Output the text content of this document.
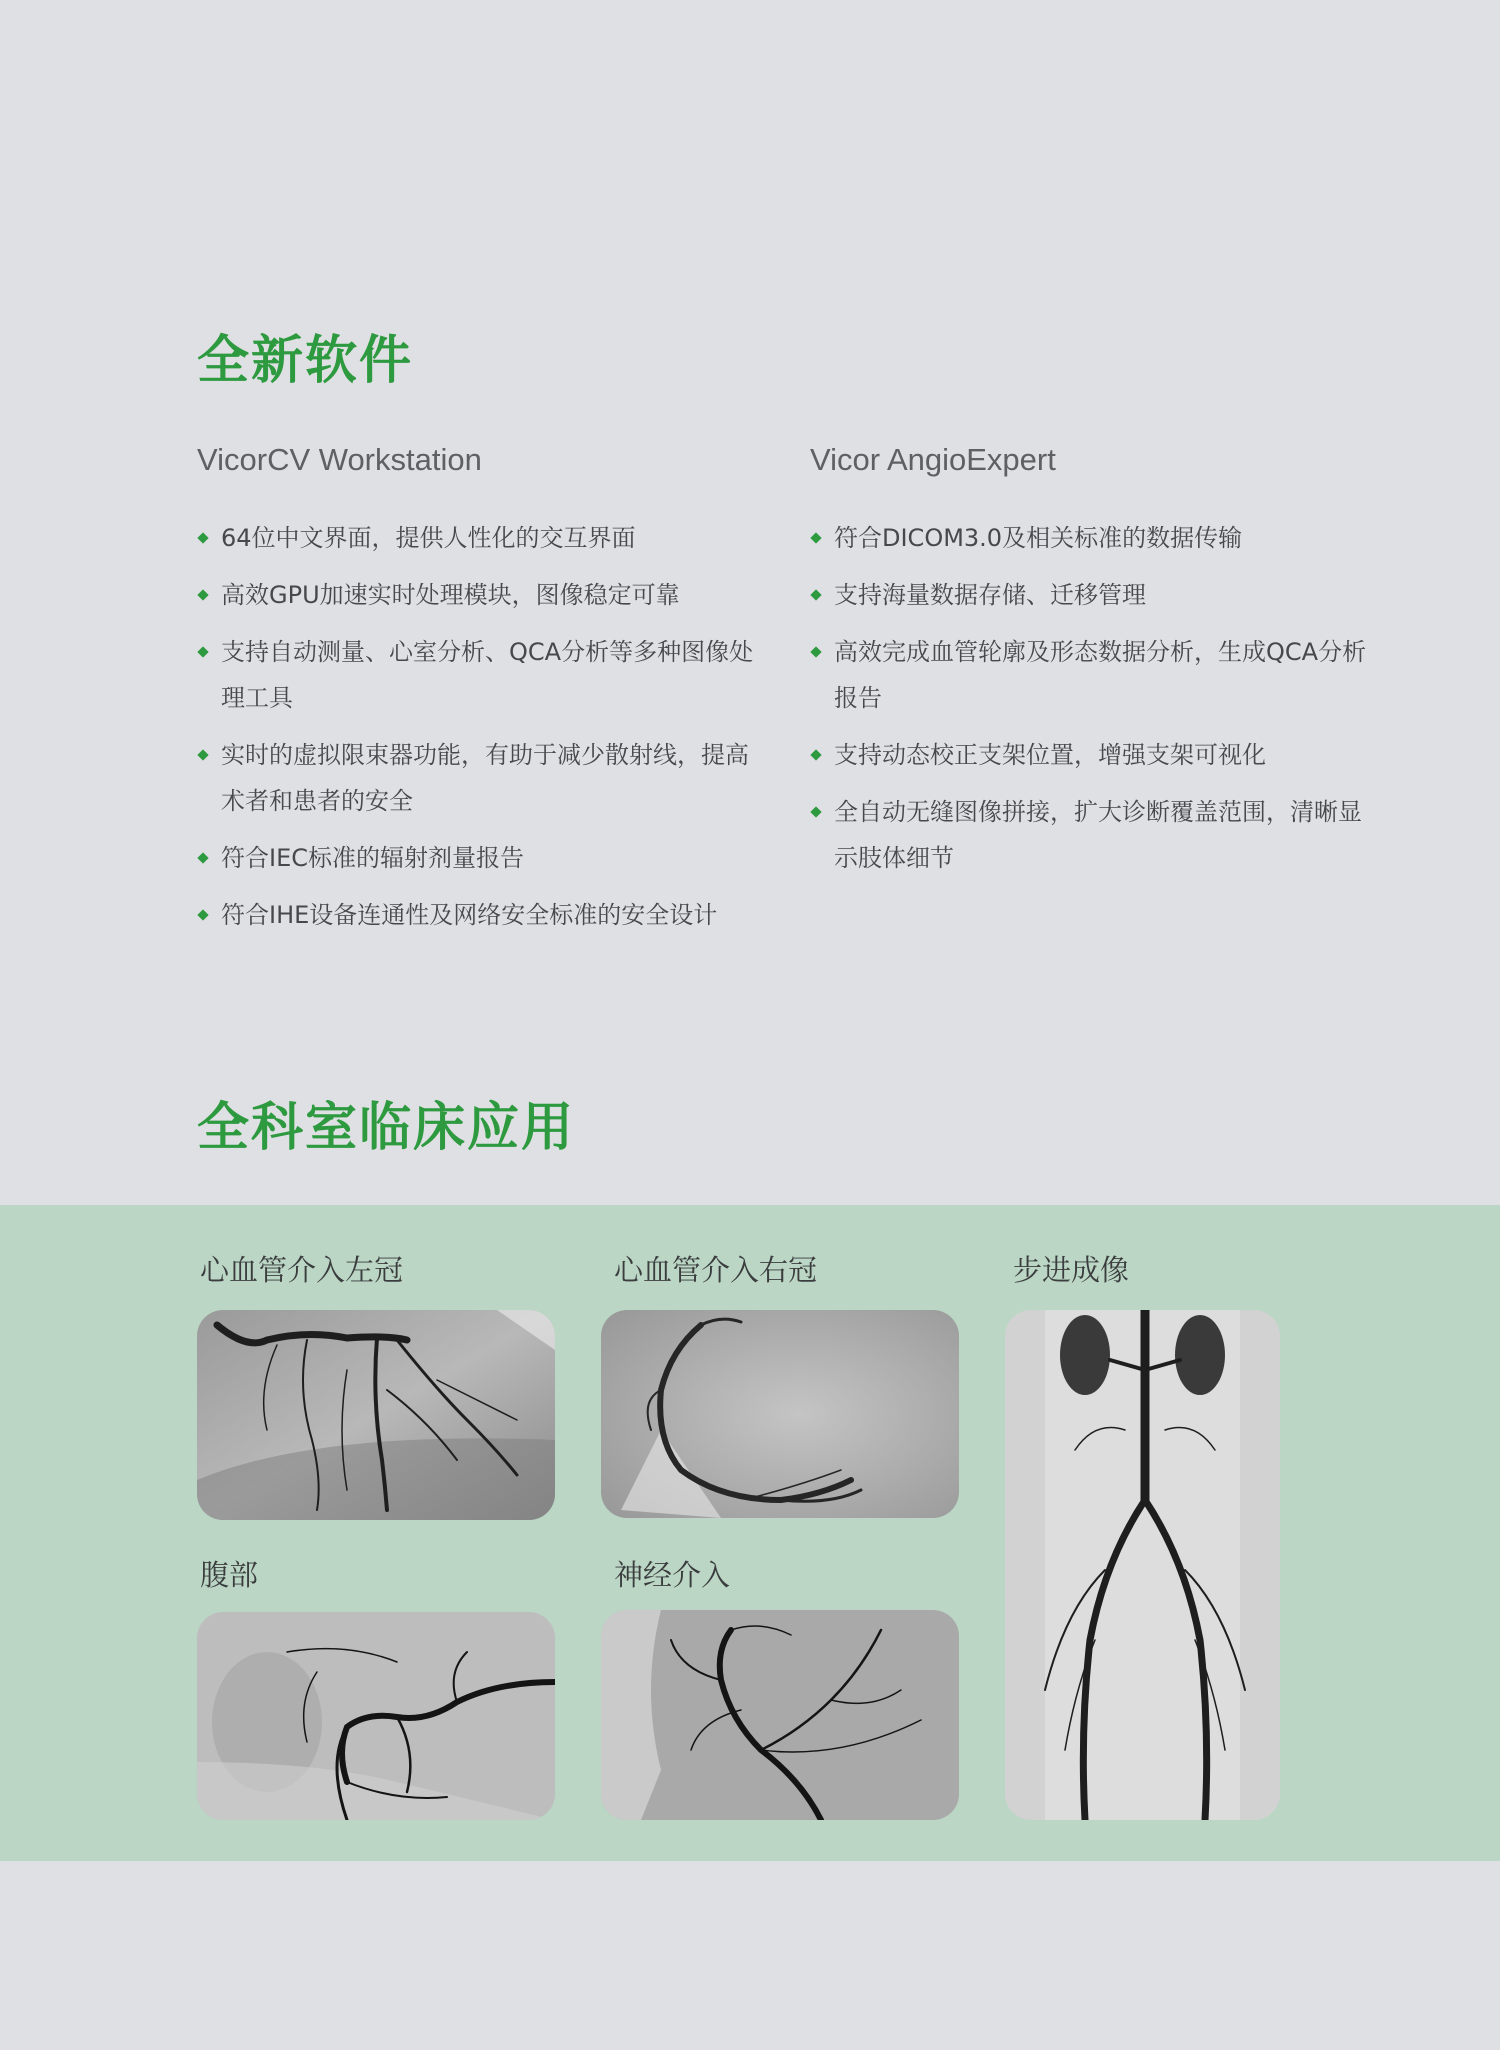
全新软件
VicorCV Workstation
64位中文界面，提供人性化的交互界面
高效GPU加速实时处理模块，图像稳定可靠
支持自动测量、心室分析、QCA分析等多种图像处理工具
实时的虚拟限束器功能，有助于减少散射线，提高术者和患者的安全
符合IEC标准的辐射剂量报告
符合IHE设备连通性及网络安全标准的安全设计
Vicor AngioExpert
符合DICOM3.0及相关标准的数据传输
支持海量数据存储、迁移管理
高效完成血管轮廓及形态数据分析，生成QCA分析报告
支持动态校正支架位置，增强支架可视化
全自动无缝图像拼接，扩大诊断覆盖范围，清晰显示肢体细节
全科室临床应用

心血管介入左冠	心血管介入右冠	步进成像

腹部	神经介入
